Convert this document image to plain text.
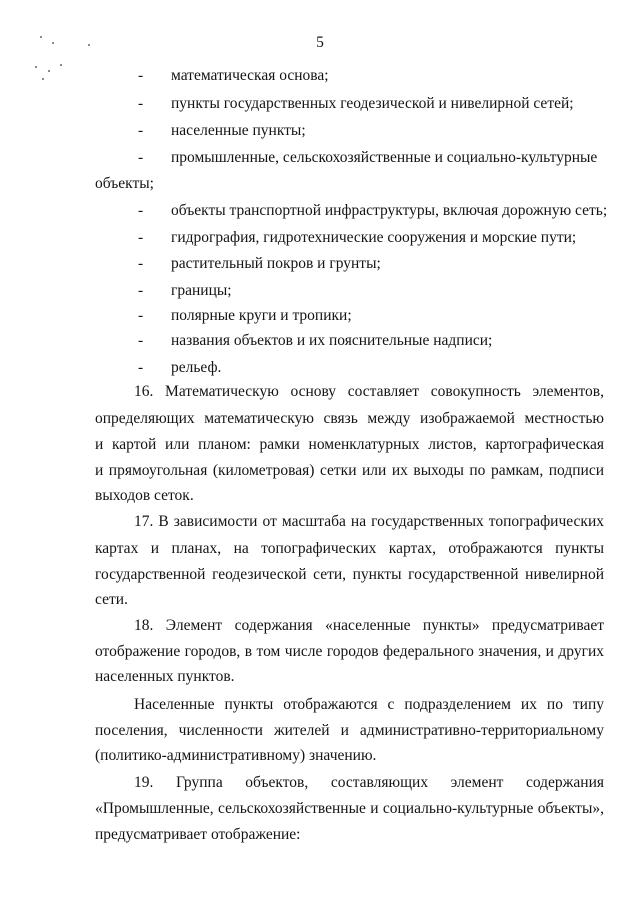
5
- математическая основа;
- пункты государственных геодезической и нивелирной сетей;
- населенные пункты;
- промышленные, сельскохозяйственные и социально-культурные
объекты;
- объекты транспортной инфраструктуры, включая дорожную сеть;
- гидрография, гидротехнические сооружения и морские пути;
- растительный покров и грунты;
- границы;
- полярные круги и тропики;
- названия объектов и их пояснительные надписи;
- рельеф.
16. Математическую основу составляет совокупность элементов,
определяющих математическую связь между изображаемой местностью
и картой или планом: рамки номенклатурных листов, картографическая
и прямоугольная (километровая) сетки или их выходы по рамкам, подписи
выходов сеток.
17. В зависимости от масштаба на государственных топографических
картах и планах, на топографических картах, отображаются пункты
государственной геодезической сети, пункты государственной нивелирной
сети.
18. Элемент содержания «населенные пункты» предусматривает
отображение городов, в том числе городов федерального значения, и других
населенных пунктов.
Населенные пункты отображаются с подразделением их по типу
поселения, численности жителей и административно-территориальному
(политико-административному) значению.
19. Группа объектов, составляющих элемент содержания
«Промышленные, сельскохозяйственные и социально-культурные объекты»,
предусматривает отображение:
